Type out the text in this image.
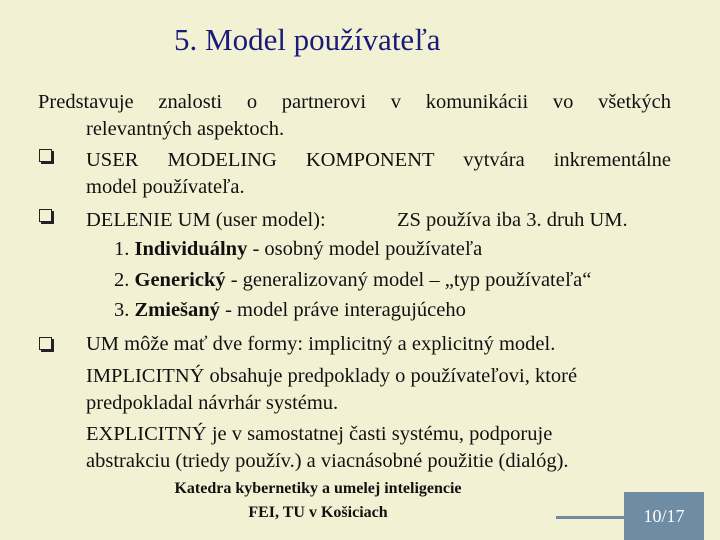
5. Model používateľa
Predstavuje znalosti o partnerovi v komunikácii vo všetkých
relevantných aspektoch.
USER MODELING KOMPONENT vytvára inkrementálne
model používateľa.
DELENIE UM (user model):	ZS používa iba 3. druh UM.
1. Individuálny - osobný model používateľa
2. Generický - generalizovaný model – „typ používateľa“
3. Zmiešaný - model práve interagujúceho
UM môže mať dve formy: implicitný a explicitný model.
IMPLICITNÝ obsahuje predpoklady o používateľovi, ktoré
predpokladal návrhár systému.
EXPLICITNÝ je v samostatnej časti systému, podporuje
abstrakciu (triedy použív.) a viacnásobné použitie (dialóg).
Katedra kybernetiky a umelej inteligencie
FEI, TU v Košiciach	10/17
